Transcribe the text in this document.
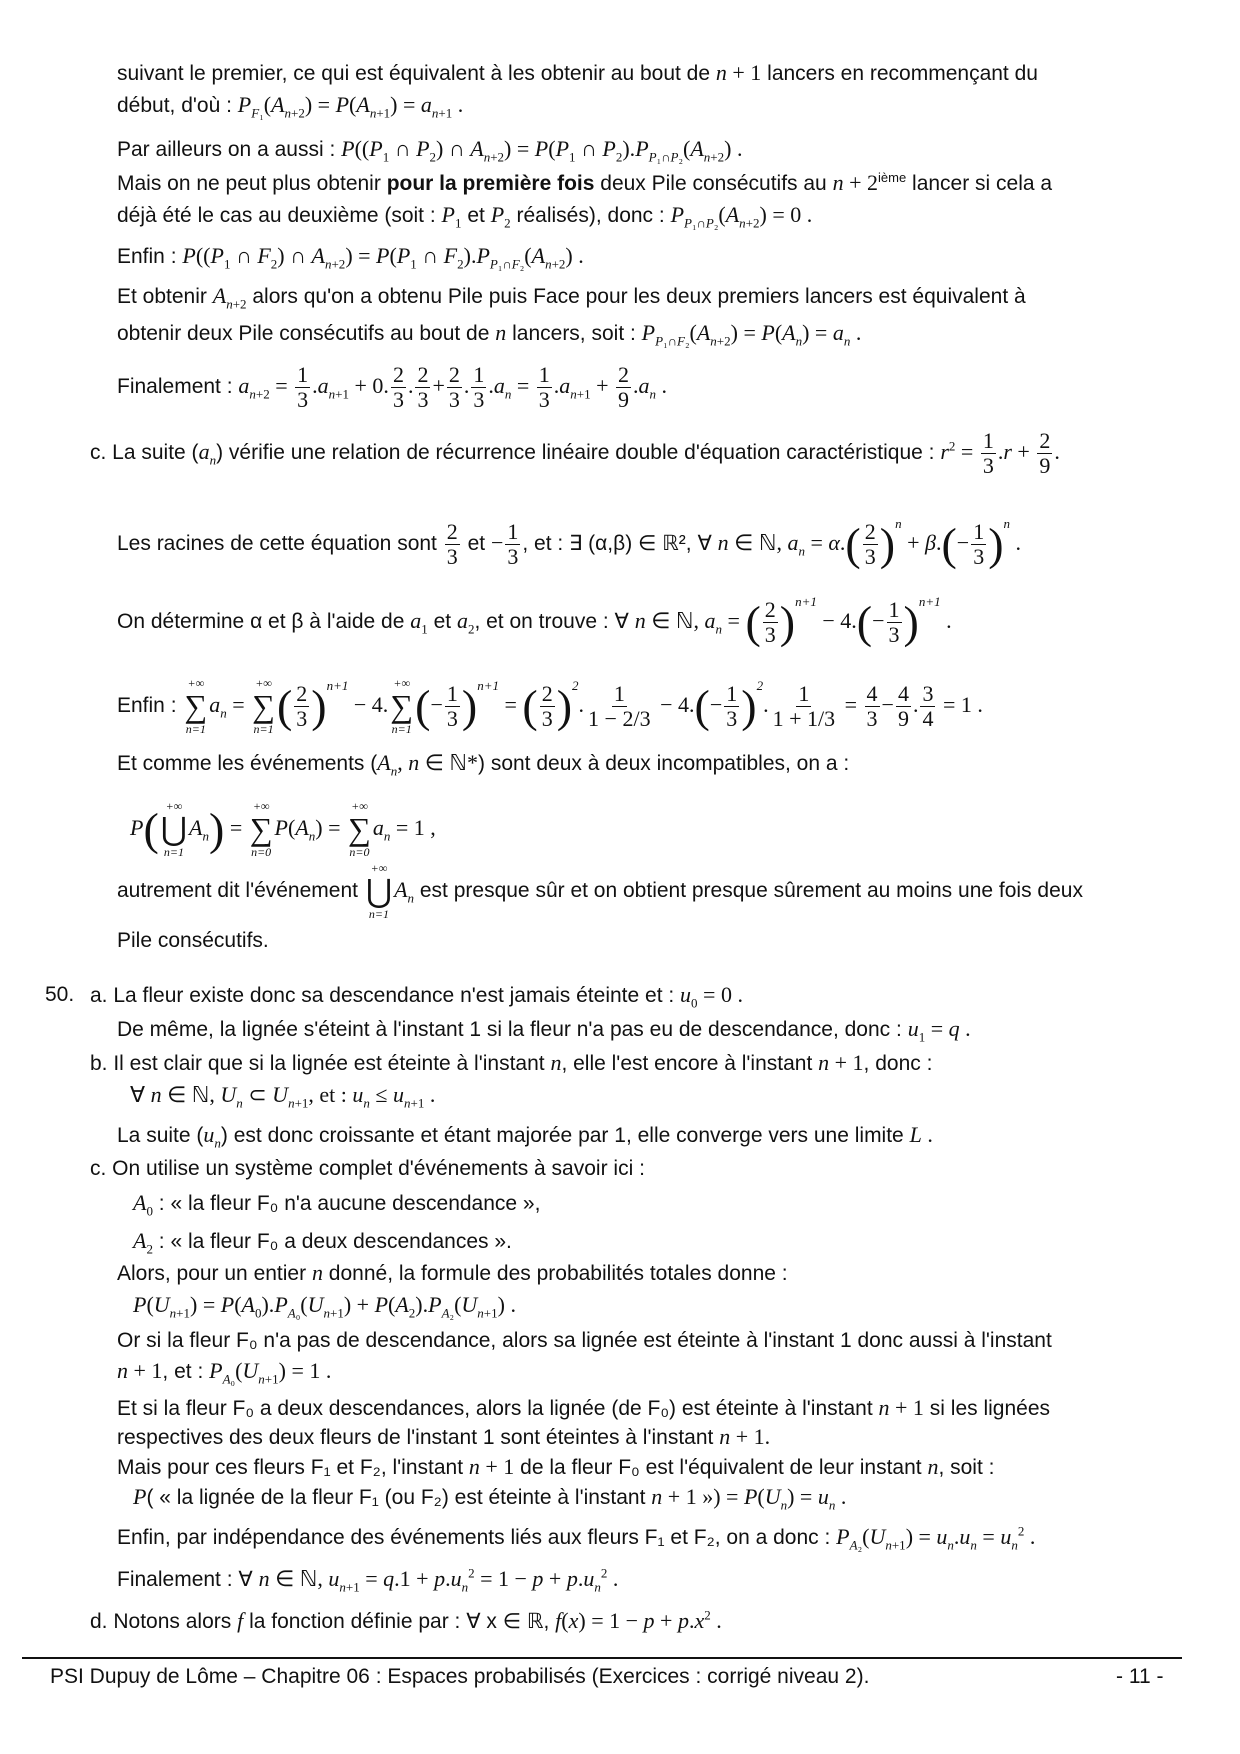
suivant le premier, ce qui est équivalent à les obtenir au bout de n + 1 lancers en recommençant du
début, d'où : $P_{F_1}(A_{n+2}) = P(A_{n+1}) = a_{n+1}$ .
Par ailleurs on a aussi : $P((P_1$ ∩ $P_2$) ∩ $A_{n+2}) = P(P_1$ ∩ $P_2).P_{P_1\cap P_2}(A_{n+2})$ .
Mais on ne peut plus obtenir pour la première fois deux Pile consécutifs au n + 2ième lancer si cela a
déjà été le cas au deuxième (soit : $P_1$ et $P_2$ réalisés), donc : $P_{P_1\cap P_2}(A_{n+2}) = 0$ .
Enfin : $P((P_1$ ∩ $F_2$) ∩ $A_{n+2}) = P(P_1$ ∩ $F_2).P_{P_1\cap F_2}(A_{n+2})$ .
Et obtenir $A_{n+2}$ alors qu'on a obtenu Pile puis Face pour les deux premiers lancers est équivalent à
obtenir deux Pile consécutifs au bout de n lancers, soit : $P_{P_1\cap F_2}(A_{n+2}) = P(A_n) = a_n$ .
Finalement : $a_{n+2} = \frac{1}{3} .a_{n+1} + 0$. $\frac{2}{3}$ . $\frac{2}{3} + \frac{2}{3}$ . $\frac{1}{3} .a_n = \frac{1}{3} .a_{n+1} + \frac{2}{9} .a_n$ .
c. La suite $(a_n)$ vérifie une relation de récurrence linéaire double d'équation caractéristique : $r^2 = \frac{1}{3} .r + \frac{2}{9}$ .
Les racines de cette équation sont $\frac{2}{3}$ et − $\frac{1}{3}$ , et : ∃ (α,β) ∈ ℝ², ∀ n ∈ ℕ, $a_n = \alpha.( \frac{2}{3} )^n + \beta.(- \frac{1}{3} )^n$ .
On détermine α et β à l'aide de $a_1$ et $a_2$, et on trouve : ∀ n ∈ ℕ, $a_n$ = ( $\frac{2}{3} )^{n+1} - 4.(- \frac{1}{3} )^{n+1}$ .
Enfin :
+∞
∑
n=1
$a_n$ =
+∞
∑
n=1 ( $\frac{2}{3} )^{n+1} - 4$.
+∞
∑
n=1 (− $\frac{1}{3} )^{n+1}$ = ( $\frac{2}{3} )^2$. $\frac{1}{1 - 2/3} - 4.(- \frac{1}{3} )^2$. $\frac{1}{1 + 1/3} = \frac{4}{3} - \frac{4}{9}$ . $\frac{3}{4} = 1$ .
Et comme les événements ($A_n$, n ∈ ℕ*) sont deux à deux incompatibles, on a :
P( +∞
⋃
n=1
$A_n$) =
+∞
∑
n=0
$P(A_n)$ =
+∞
∑
n=0
$a_n = 1$ ,
autrement dit l'événement
+∞
⋃
n=1
$A_n$ est presque sûr et on obtient presque sûrement au moins une fois deux
Pile consécutifs.
50. a. La fleur existe donc sa descendance n'est jamais éteinte et : $u_0 = 0$ .
De même, la lignée s'éteint à l'instant 1 si la fleur n'a pas eu de descendance, donc : $u_1 = q$ .
b. Il est clair que si la lignée est éteinte à l'instant n, elle l'est encore à l'instant n + 1, donc :
∀ n ∈ ℕ, $U_n$ ⊂ $U_{n+1}$, et : $u_n \le u_{n+1}$ .
La suite $(u_n)$ est donc croissante et étant majorée par 1, elle converge vers une limite L .
c. On utilise un système complet d'événements à savoir ici :
$A_0$ : « la fleur F₀ n'a aucune descendance »,
$A_2$ : « la fleur F₀ a deux descendances ».
Alors, pour un entier n donné, la formule des probabilités totales donne :
$P(U_{n+1}) = P(A_0).P_{A_0}(U_{n+1}) + P(A_2).P_{A_2}(U_{n+1})$ .
Or si la fleur F₀ n'a pas de descendance, alors sa lignée est éteinte à l'instant 1 donc aussi à l'instant
n + 1, et : $P_{A_0}(U_{n+1}) = 1$ .
Et si la fleur F₀ a deux descendances, alors la lignée (de F₀) est éteinte à l'instant n + 1 si les lignées
respectives des deux fleurs de l'instant 1 sont éteintes à l'instant n + 1.
Mais pour ces fleurs F₁ et F₂, l'instant n + 1 de la fleur F₀ est l'équivalent de leur instant n, soit :
P( « la lignée de la fleur F₁ (ou F₂) est éteinte à l'instant n + 1 ») = $P(U_n) = u_n$ .
Enfin, par indépendance des événements liés aux fleurs F₁ et F₂, on a donc : $P_{A_2}(U_{n+1}) = u_n.u_n = u_n^2$ .
Finalement : ∀ n ∈ ℕ, $u_{n+1} = q.1 + p.u_n^2 = 1 - p + p.u_n^2$ .
d. Notons alors f la fonction définie par : ∀ x ∈ ℝ, $f(x) = 1 - p + p.x^2$ .
PSI Dupuy de Lôme – Chapitre 06 : Espaces probabilisés (Exercices : corrigé niveau 2).	- 11 -
